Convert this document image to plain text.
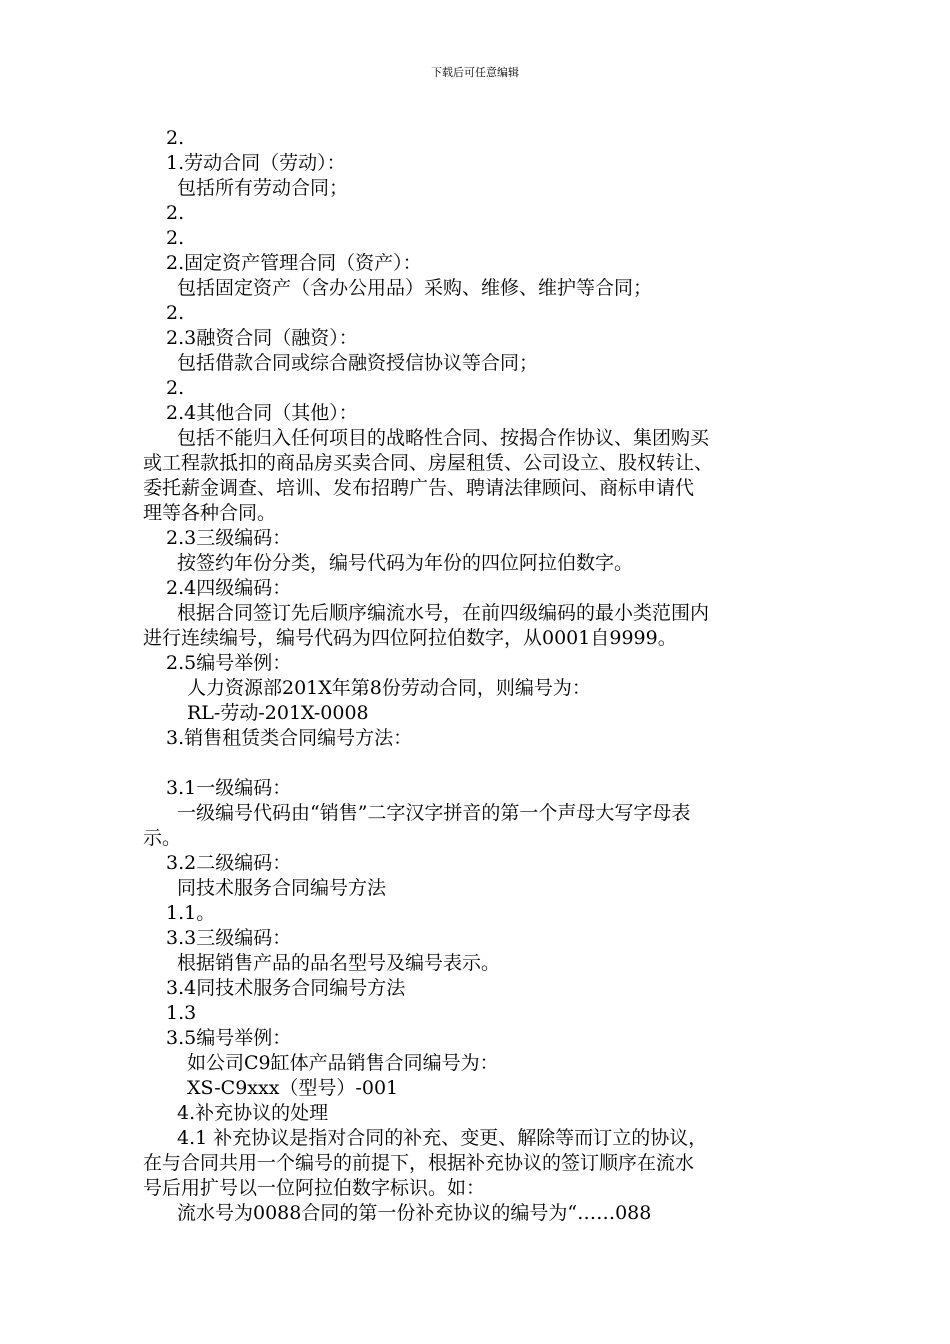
下载后可任意编辑
2.
1.劳动合同（劳动）：
包括所有劳动合同；
2.
2.
2.固定资产管理合同（资产）：
包括固定资产（含办公用品）采购、维修、维护等合同；
2.
2.3融资合同（融资）：
包括借款合同或综合融资授信协议等合同；
2.
2.4其他合同（其他）：
包括不能归入任何项目的战略性合同、按揭合作协议、集团购买
或工程款抵扣的商品房买卖合同、房屋租赁、公司设立、股权转让、
委托薪金调查、培训、发布招聘广告、聘请法律顾问、商标申请代
理等各种合同。
2.3三级编码：
按签约年份分类，编号代码为年份的四位阿拉伯数字。
2.4四级编码：
根据合同签订先后顺序编流水号，在前四级编码的最小类范围内
进行连续编号，编号代码为四位阿拉伯数字，从0001自9999。
2.5编号举例：
人力资源部201X年第8份劳动合同，则编号为：
RL-劳动-201X-0008
3.销售租赁类合同编号方法：
3.1一级编码：
一级编号代码由“销售”二字汉字拼音的第一个声母大写字母表
示。
3.2二级编码：
同技术服务合同编号方法
1.1。
3.3三级编码：
根据销售产品的品名型号及编号表示。
3.4同技术服务合同编号方法
1.3
3.5编号举例：
如公司C9缸体产品销售合同编号为：
XS-C9xxx（型号）-001
4.补充协议的处理
4.1 补充协议是指对合同的补充、变更、解除等而订立的协议，
在与合同共用一个编号的前提下，根据补充协议的签订顺序在流水
号后用扩号以一位阿拉伯数字标识。如：
流水号为0088合同的第一份补充协议的编号为“……088
